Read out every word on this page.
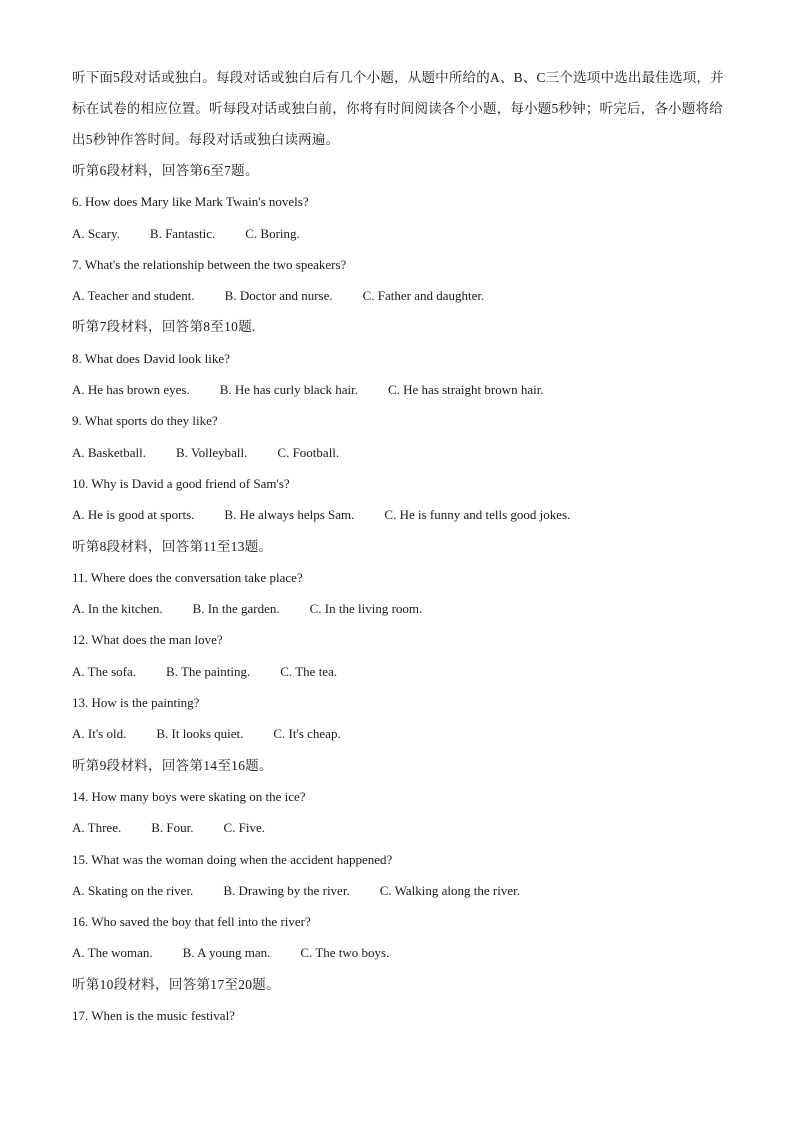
听下面5段对话或独白。每段对话或独白后有几个小题，从题中所给的A、B、C三个选项中选出最佳选项，并标在试卷的相应位置。听每段对话或独白前，你将有时间阅读各个小题，每小题5秒钟；听完后，各小题将给出5秒钟作答时间。每段对话或独白读两遍。

听第6段材料，回答第6至7题。
6. How does Mary like Mark Twain's novels?
A. Scary. B. Fantastic. C. Boring.
7. What's the relationship between the two speakers?
A. Teacher and student. B. Doctor and nurse. C. Father and daughter.
听第7段材料，回答第8至10题.
8. What does David look like?
A. He has brown eyes. B. He has curly black hair. C. He has straight brown hair.
9. What sports do they like?
A. Basketball. B. Volleyball. C. Football.
10. Why is David a good friend of Sam's?
A. He is good at sports. B. He always helps Sam. C. He is funny and tells good jokes.
听第8段材料，回答第11至13题。
11. Where does the conversation take place?
A. In the kitchen. B. In the garden. C. In the living room.
12. What does the man love?
A. The sofa. B. The painting. C. The tea.
13. How is the painting?
A. It's old. B. It looks quiet. C. It's cheap.
听第9段材料，回答第14至16题。
14. How many boys were skating on the ice?
A. Three. B. Four. C. Five.
15. What was the woman doing when the accident happened?
A. Skating on the river. B. Drawing by the river. C. Walking along the river.
16. Who saved the boy that fell into the river?
A. The woman. B. A young man. C. The two boys.
听第10段材料，回答第17至20题。
17. When is the music festival?
